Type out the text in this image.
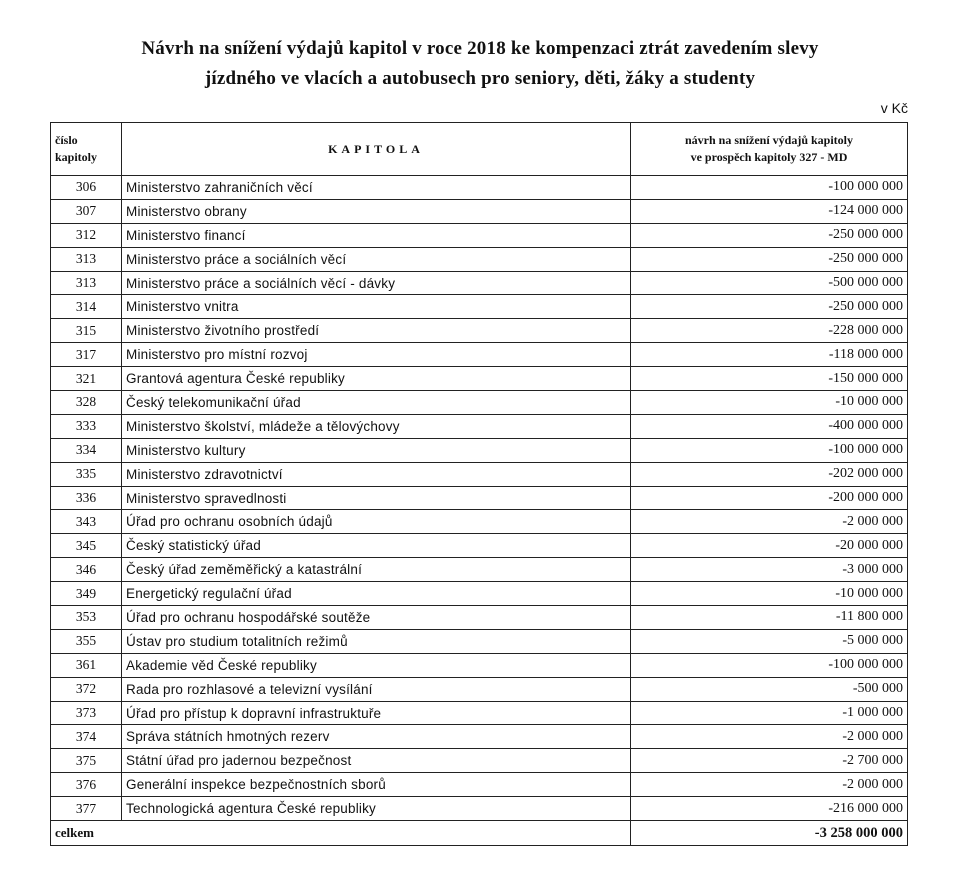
Návrh na snížení výdajů kapitol v roce 2018 ke kompenzaci ztrát zavedením slevy
jízdného ve vlacích a autobusech pro seniory, děti, žáky a studenty
v Kč
číslo
kapitoly	KAPITOLA	návrh na snížení výdajů kapitoly
ve prospěch kapitoly 327 - MD

306	Ministerstvo zahraničních věcí	-100 000 000
307	Ministerstvo obrany	-124 000 000
312	Ministerstvo financí	-250 000 000
313	Ministerstvo práce a sociálních věcí	-250 000 000
313	Ministerstvo práce a sociálních věcí - dávky	-500 000 000
314	Ministerstvo vnitra	-250 000 000
315	Ministerstvo životního prostředí	-228 000 000
317	Ministerstvo pro místní rozvoj	-118 000 000
321	Grantová agentura České republiky	-150 000 000
328	Český telekomunikační úřad	-10 000 000
333	Ministerstvo školství, mládeže a tělovýchovy	-400 000 000
334	Ministerstvo kultury	-100 000 000
335	Ministerstvo zdravotnictví	-202 000 000
336	Ministerstvo spravedlnosti	-200 000 000
343	Úřad pro ochranu osobních údajů	-2 000 000
345	Český statistický úřad	-20 000 000
346	Český úřad zeměměřický a katastrální	-3 000 000
349	Energetický regulační úřad	-10 000 000
353	Úřad pro ochranu hospodářské soutěže	-11 800 000
355	Ústav pro studium totalitních režimů	-5 000 000
361	Akademie věd České republiky	-100 000 000
372	Rada pro rozhlasové a televizní vysílání	-500 000
373	Úřad pro přístup k dopravní infrastruktuře	-1 000 000
374	Správa státních hmotných rezerv	-2 000 000
375	Státní úřad pro jadernou bezpečnost	-2 700 000
376	Generální inspekce bezpečnostních sborů	-2 000 000
377	Technologická agentura České republiky	-216 000 000
celkem		-3 258 000 000
